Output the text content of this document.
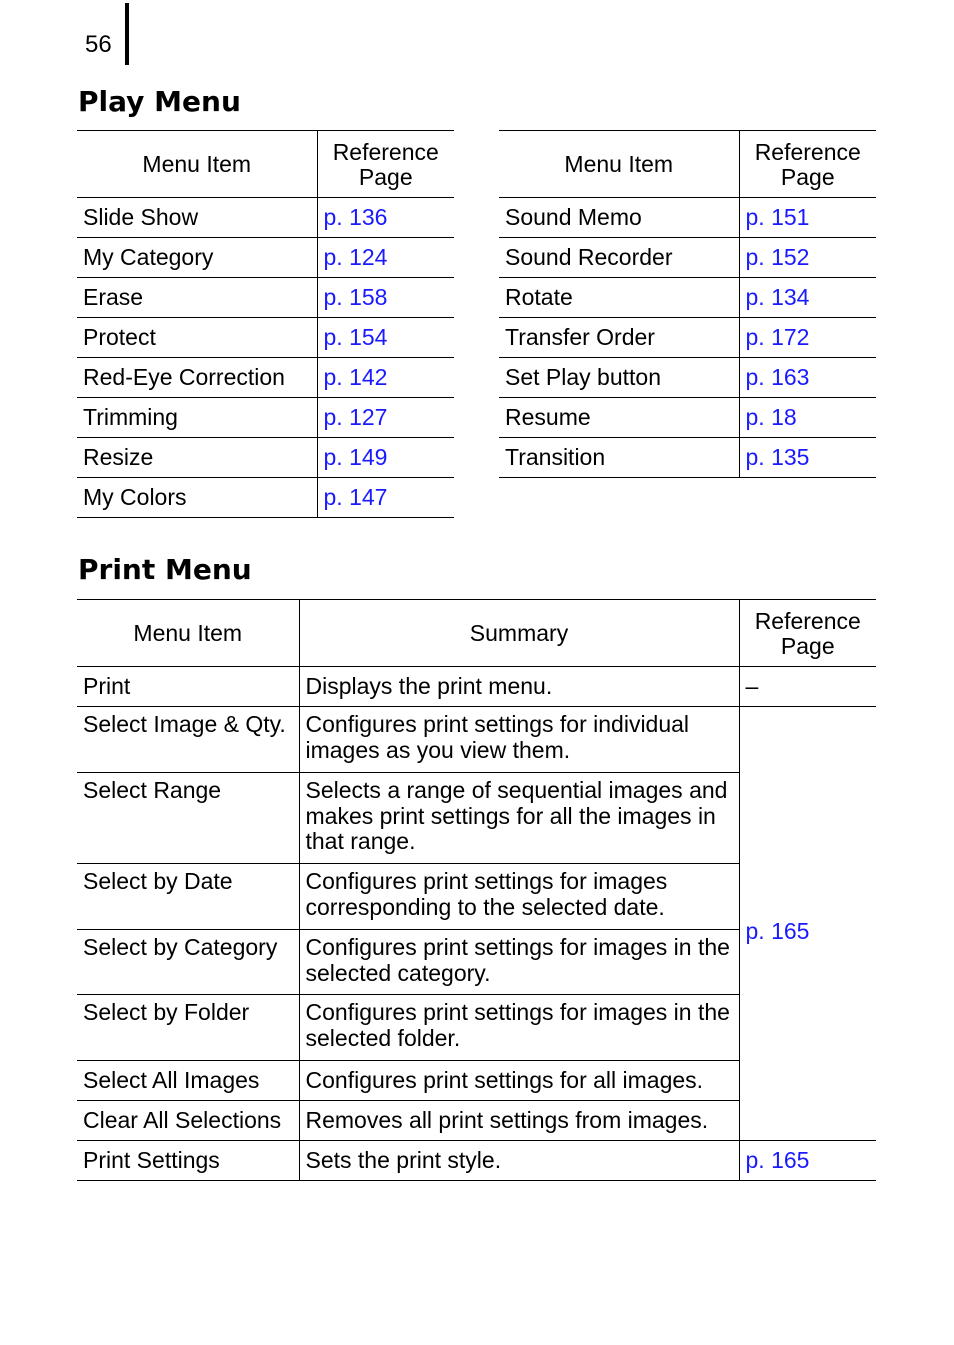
56
Play Menu
Menu Item	Reference Page
Slide Show	p. 136
My Category	p. 124
Erase	p. 158
Protect	p. 154
Red-Eye Correction	p. 142
Trimming	p. 127
Resize	p. 149
My Colors	p. 147
Menu Item	Reference Page
Sound Memo	p. 151
Sound Recorder	p. 152
Rotate	p. 134
Transfer Order	p. 172
Set Play button	p. 163
Resume	p. 18
Transition	p. 135
Print Menu
Menu Item	Summary	Reference Page
Print	Displays the print menu.	–
Select Image & Qty.	Configures print settings for individual images as you view them.	p. 165
Select Range	Selects a range of sequential images and makes print settings for all the images in that range.	
Select by Date	Configures print settings for images corresponding to the selected date.	
Select by Category	Configures print settings for images in the selected category.	
Select by Folder	Configures print settings for images in the selected folder.	
Select All Images	Configures print settings for all images.	
Clear All Selections	Removes all print settings from images.	
Print Settings	Sets the print style.	p. 165
